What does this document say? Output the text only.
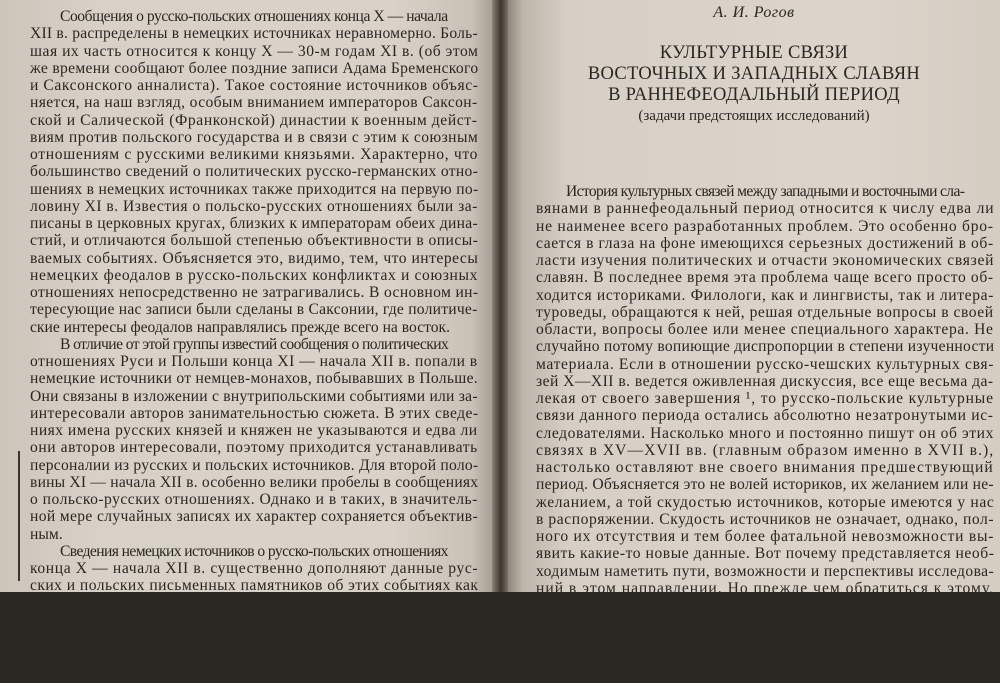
Сообщения о русско-польских отношениях конца X — начала
XII в. распределены в немецких источниках неравномерно. Боль-
шая их часть относится к концу X — 30-м годам XI в. (об этом
же времени сообщают более поздние записи Адама Бременского
и Саксонского анналиста). Такое состояние источников объяс-
няется, на наш взгляд, особым вниманием императоров Саксон-
ской и Салической (Франконской) династии к военным дейст-
виям против польского государства и в связи с этим к союзным
отношениям с русскими великими князьями. Характерно, что
большинство сведений о политических русско-германских отно-
шениях в немецких источниках также приходится на первую по-
ловину XI в. Известия о польско-русских отношениях были за-
писаны в церковных кругах, близких к императорам обеих дина-
стий, и отличаются большой степенью объективности в описы-
ваемых событиях. Объясняется это, видимо, тем, что интересы
немецких феодалов в русско-польских конфликтах и союзных
отношениях непосредственно не затрагивались. В основном ин-
тересующие нас записи были сделаны в Саксонии, где политиче-
ские интересы феодалов направлялись прежде всего на восток.
В отличие от этой группы известий сообщения о политических
отношениях Руси и Польши конца XI — начала XII в. попали в
немецкие источники от немцев-монахов, побывавших в Польше.
Они связаны в изложении с внутрипольскими событиями или за-
интересовали авторов занимательностью сюжета. В этих сведе-
ниях имена русских князей и княжен не указываются и едва ли
они авторов интересовали, поэтому приходится устанавливать
персоналии из русских и польских источников. Для второй поло-
вины XI — начала XII в. особенно велики пробелы в сообщениях
о польско-русских отношениях. Однако и в таких, в значитель-
ной мере случайных записях их характер сохраняется объектив-
ным.
Сведения немецких источников о русско-польских отношениях
конца X — начала XII в. существенно дополняют данные рус-
ских и польских письменных памятников об этих событиях как
в силу объективного в основном хода изложения событий, так
и обстоятельностью самих сообщений. Их данные позволяют вы-
явить не только основные черты, но и суть ряда эпизодов из ис-
тории русско-польских политических отношений конца X — нача-
ла XII в.
А. И. Рогов
КУЛЬТУРНЫЕ СВЯЗИ
ВОСТОЧНЫХ И ЗАПАДНЫХ СЛАВЯН
В РАННЕФЕОДАЛЬНЫЙ ПЕРИОД
(задачи предстоящих исследований)
История культурных связей между западными и восточными сла-
вянами в раннефеодальный период относится к числу едва ли
не наименее всего разработанных проблем. Это особенно бро-
сается в глаза на фоне имеющихся серьезных достижений в об-
ласти изучения политических и отчасти экономических связей
славян. В последнее время эта проблема чаще всего просто об-
ходится историками. Филологи, как и лингвисты, так и литера-
туроведы, обращаются к ней, решая отдельные вопросы в своей
области, вопросы более или менее специального характера. Не
случайно потому вопиющие диспропорции в степени изученности
материала. Если в отношении русско-чешских культурных свя-
зей X—XII в. ведется оживленная дискуссия, все еще весьма да-
лекая от своего завершения ¹, то русско-польские культурные
связи данного периода остались абсолютно незатронутыми ис-
следователями. Насколько много и постоянно пишут он об этих
связях в XV—XVII вв. (главным образом именно в XVII в.),
настолько оставляют вне своего внимания предшествующий
период. Объясняется это не волей историков, их желанием или не-
желанием, а той скудостью источников, которые имеются у нас
в распоряжении. Скудость источников не означает, однако, пол-
ного их отсутствия и тем более фатальной невозможности вы-
явить какие-то новые данные. Вот почему представляется необ-
ходимым наметить пути, возможности и перспективы исследова-
ний в этом направлении. Но прежде чем обратиться к этому,
следует рассмотреть первую из намеченных проблем — русско-
чешские связи, положение с которой обстоит благополучней, тем
более что данная проблема тесно связана со второй. Это станет
ясным, если мы обратимся в первую очередь к изучению судьбы
Кирилло-Мефодиевского культурного наследия на Руси и у за-
